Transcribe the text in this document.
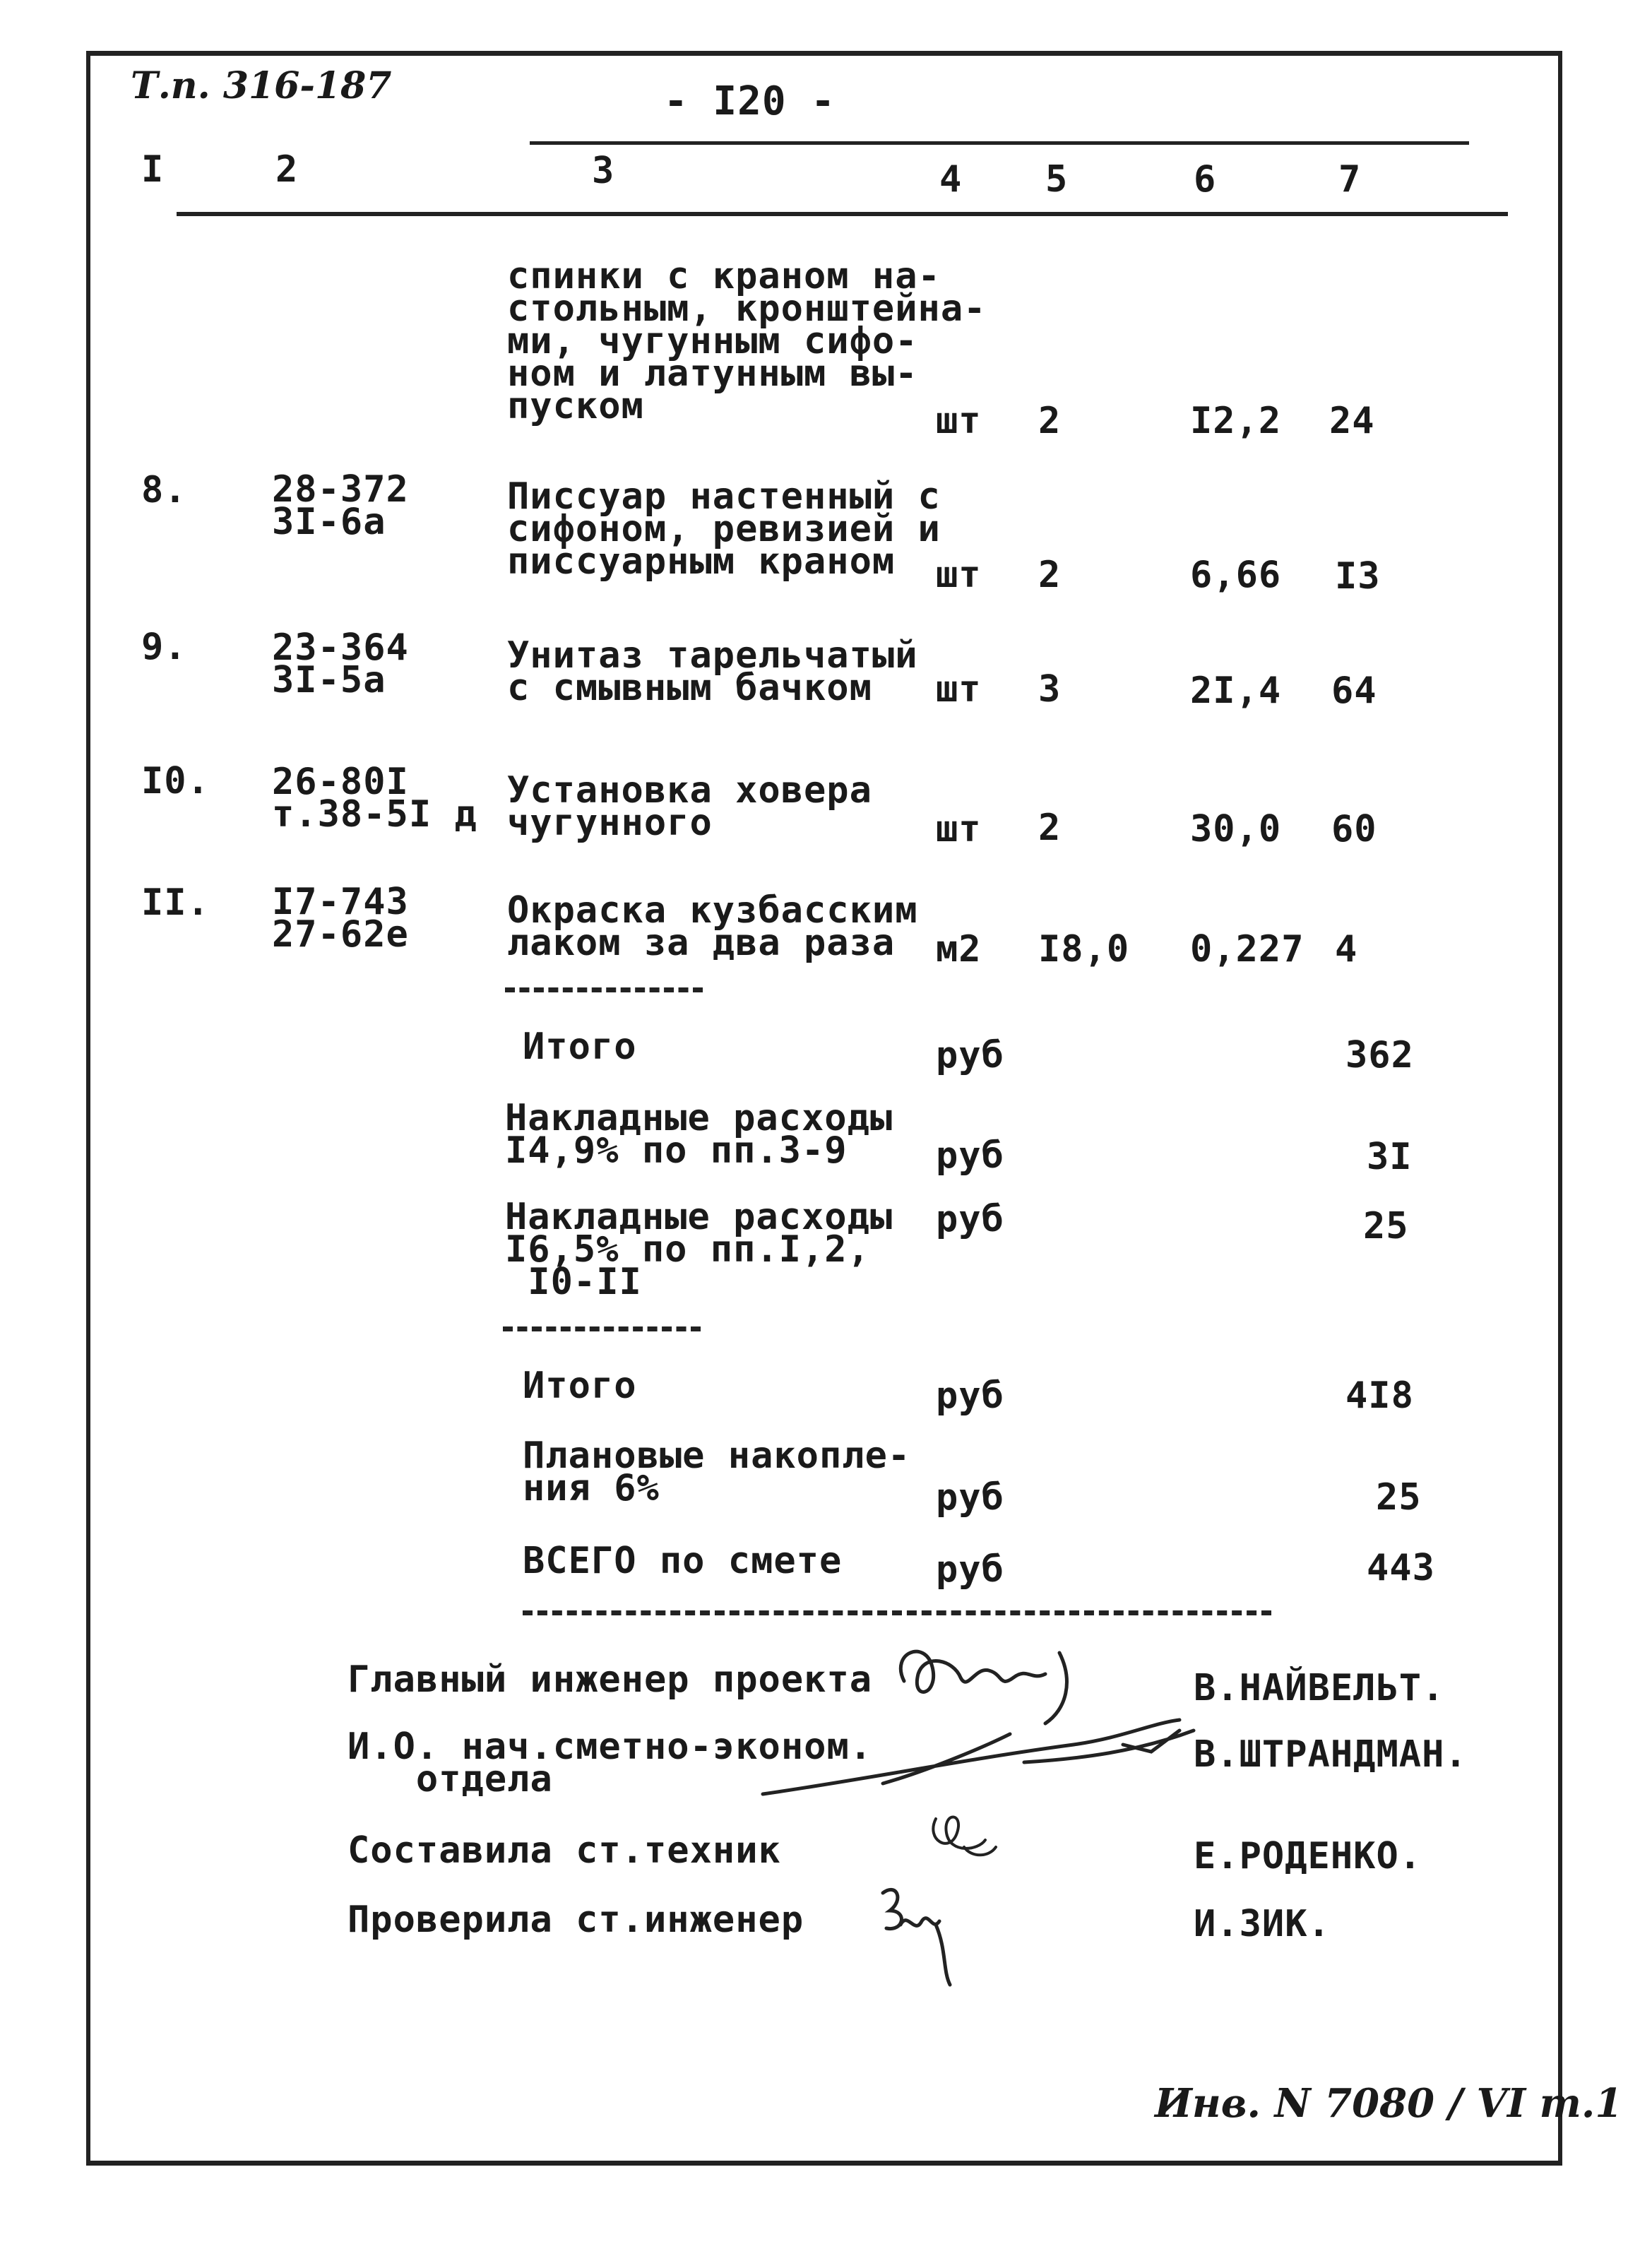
Т.п. 316-187	- I20 -
I	2	3	4 5	6	7
спинки с краном на-
стольным, кронштейна-
ми, чугунным сифо-
ном и латунным вы-
пуском	шт 2	I2,2 24
8. 28-372
3I-6а
Писсуар настенный с
сифоном, ревизией и
писсуарным краном	шт 2	6,66 I3
9. 23-364
3I-5а
Унитаз тарельчатый
с смывным бачком	шт 3	2I,4 64
I0. 26-80I
т.38-5I д
Установка ховера
чугунного	шт 2	30,0 60
II. I7-743
27-62е
Окраска кузбасским
лаком за два раза	м2 I8,0 0,227 4
Итого	руб	362
Накладные расходы
I4,9% по пп.3-9	руб	3I
Накладные расходы
I6,5% по пп.I,2,
I0-II
руб	25
Итого	руб	4I8
Плановые накопле-
ния 6%	руб	25
ВСЕГО по смете	руб	443
Главный инженер проекта	В.НАЙВЕЛЬТ.
И.О. нач.сметно-эконом.
отдела
В.ШТРАНДМАН.
Составила ст.техник	Е.РОДЕНКО.
Проверила ст.инженер	И.ЗИК.
Инв. N 7080 / VI т.1
